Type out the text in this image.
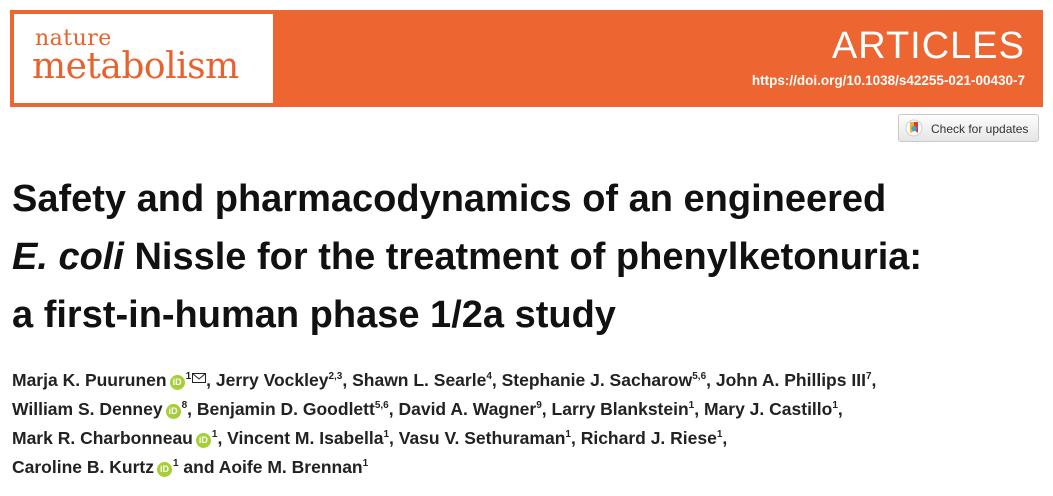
nature
metabolism	ARTICLES
https://doi.org/10.1038/s42255-021-00430-7
Check for updates
Safety and pharmacodynamics of an engineered
E. coli Nissle for the treatment of phenylketonuria:
a first-in-human phase 1/2a study
Marja K. Puurunen iD $^1$ , Jerry Vockley$^{2,3}$, Shawn L. Searle$^4$, Stephanie J. Sacharow$^{5,6}$, John A. Phillips III$^7$,
William S. Denney iD $^8$, Benjamin D. Goodlett$^{5,6}$, David A. Wagner$^9$, Larry Blankstein$^1$, Mary J. Castillo$^1$,
Mark R. Charbonneau iD $^1$, Vincent M. Isabella$^1$, Vasu V. Sethuraman$^1$, Richard J. Riese$^1$,
Caroline B. Kurtz iD $^1$ and Aoife M. Brennan$^1$
